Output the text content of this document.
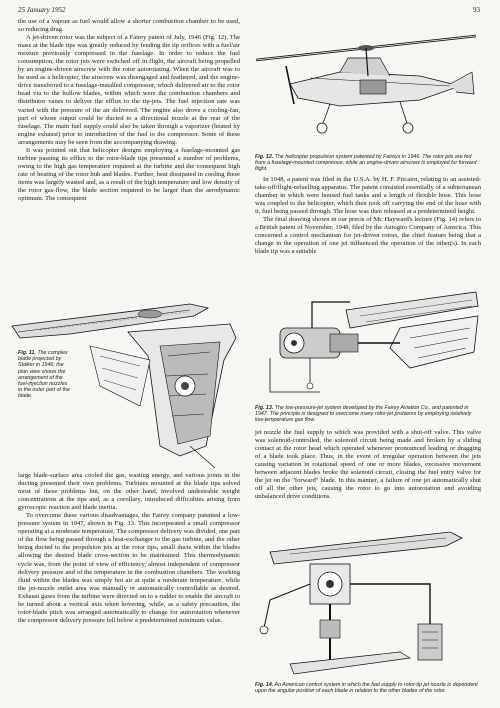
25 January 1952	93

the use of a vapour as fuel would allow a shorter combustion chamber to be used, so reducing drag.

A jet-driven rotor was the subject of a Fairey patent of July, 1946 (Fig. 12). The mass at the blade tips was greatly reduced by feeding the tip orifices with a fuel/air mixture previously compressed in the fuselage. In order to reduce the fuel consumption, the rotor jets were switched off in flight, the aircraft being propelled by an engine-driven airscrew with the rotor autorotating. When the aircraft was to be used as a helicopter, the airscrew was disengaged and feathered, and the engine-drive transferred to a fuselage-installed compressor, which delivered air to the rotor head via to the hollow blades, within which were the combustion chambers and distributor vanes to deliver the efflux to the tip-jets. The fuel injection rate was varied with the pressure of the air delivered. The engine also drove a cooling-fan, part of whose output could be ducted to a directional nozzle at the rear of the fuselage. The main fuel supply could also be taken through a vaporizer (heated by engine exhaust) prior to introduction of the fuel to the compressor. Some of these arrangements may be seen from the accompanying drawing.

It was pointed out that helicopter designs employing a fuselage-mounted gas turbine passing its efflux to the rotor-blade tips presented a number of problems, owing to the high gas temperature required at the turbine and the consequent high rate of heating of the rotor hub and blades. Further, heat dissipated in cooling these items was largely wasted and, as a result of the high temperature and low density of the rotor gas-flow, the blade section required to be larger than the aerodynamic optimum. The consequent

Fig. 11. The complex blade projected by Stalker in 1946; the plan view shows the arrangement of the fuel-injection nozzles in the outer part of the blade.

large blade-surface area cooled the gas, wasting energy, and various joints in the ducting presented their own problems. Turbines mounted at the blade tips solved most of these problems but, on the other hand, involved undesirable weight concentrations at the tips and, as a corollary, introduced difficulties arising from gyroscopic reaction and blade inertia.

To overcome these various disadvantages, the Fairey company patented a low-pressure system in 1947, shown in Fig. 13. This incorporated a small compressor operating at a moderate temperature. The compressor delivery was divided, one part of the flow being passed through a heat-exchanger to the gas turbine, and the other being ducted to the propulsion jets at the rotor tips, small ducts within the blades allowing the desired blade cross-section to be maintained. This thermodynamic cycle was, from the point of view of efficiency, almost independent of compressor delivery pressure and of the temperature in the combustion chambers. The working fluid within the blades was simply hot air at quite a moderate temperature, while the jet-nozzle outlet area was manually or automatically controllable as desired. Exhaust gases from the turbine were directed on to a rudder to enable the aircraft to be turned about a vertical axis when hovering, while, as a safety precaution, the rotor-blade pitch was arranged automatically to change for autorotation whenever the compressor delivery pressure fell below a predetermined minimum value.

Fig. 12. The helicopter propulsion system patented by Faireys in 1946. The rotor jets are fed from a fuselage-mounted compressor, while an engine-driven airscrew is employed for forward flight.

In 1948, a patent was filed in the U.S.A. by H. F. Pitcairn, relating to an assisted-take-off/flight-refuelling apparatus. The patent consisted essentially of a subterranean chamber in which were housed fuel tanks and a length of flexible hose. This hose was coupled to the helicopter, which then took off carrying the end of the hose with it, fuel being passed through. The hose was then released at a predetermined height.

The final drawing shown in our precis of Mr. Hayward's lecture (Fig. 14) refers to a British patent of November, 1948, filed by the Autogiro Company of America. This concerned a control mechanism for jet-driven rotors, the chief feature being that a change in the operation of one jet influenced the operation of the other(s). In each blade tip was a suitable

Fig. 13. The low-pressure-jet system developed by the Fairey Aviation Co., and patented in 1947. The principle is designed to overcome many rotor-jet problems by employing relatively low-temperature gas flow.

jet nozzle the fuel supply to which was provided with a shut-off valve. This valve was solenoid-controlled, the solenoid circuit being made and broken by a sliding contact at the rotor head which operated whenever pronounced leading or dragging of a blade took place. Thus, in the event of irregular operation between the jets causing variation in rotational speed of one or more blades, excessive movement between adjacent blades broke the solenoid circuit, closing the fuel entry valve for the jet on the "forward" blade. In this manner, a failure of one jet automatically shut off all the other jets, causing the rotor to go into autorotation and avoiding unbalanced drive conditions.

Fig. 14. An American control system in which the fuel supply to rotor-tip jet nozzle is dependent upon the angular position of each blade in relation to the other blades of the rotor.
